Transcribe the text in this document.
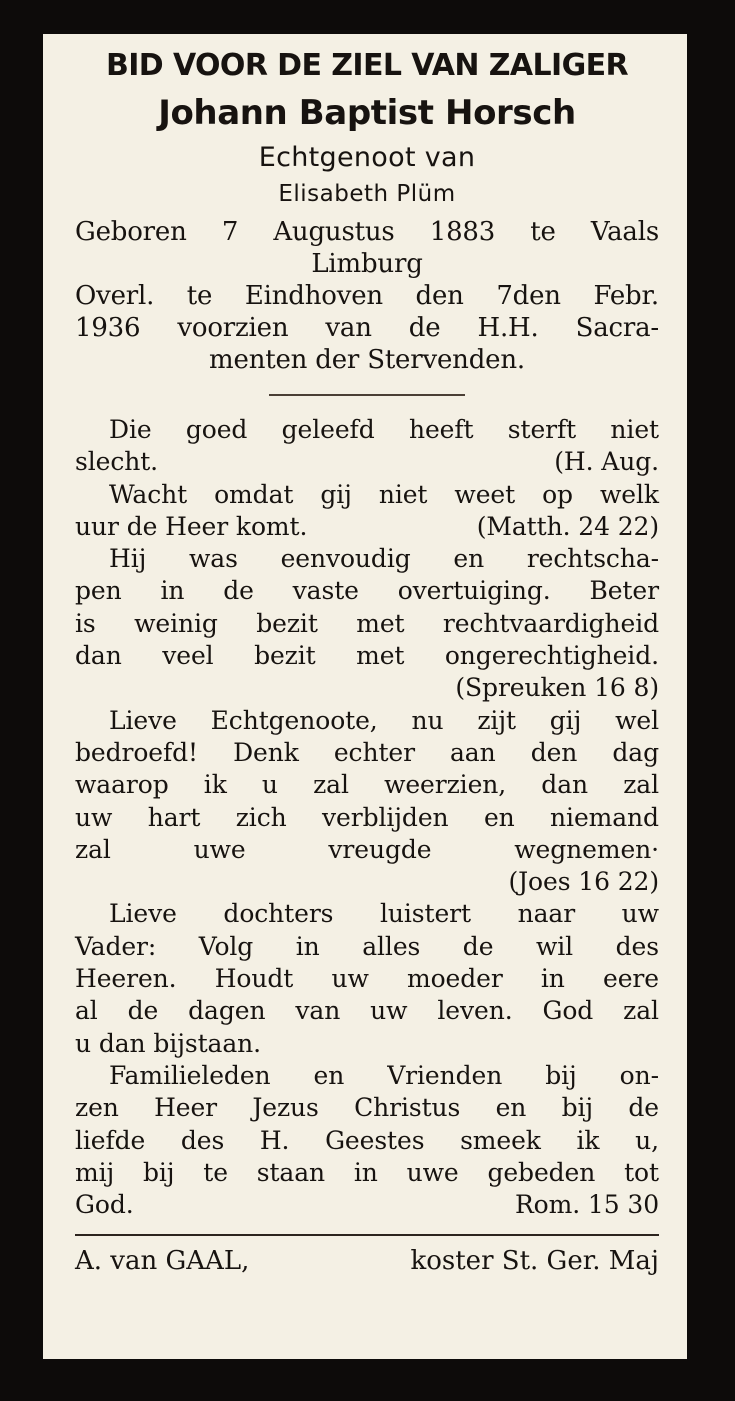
BID VOOR DE ZIEL VAN ZALIGER
Johann Baptist Horsch
Echtgenoot van
Elisabeth Plüm
Geboren 7 Augustus 1883 te Vaals
Limburg
Overl. te Eindhoven den 7den Febr.
1936 voorzien van de H.H. Sacra-
menten der Stervenden.
Die goed geleefd heeft sterft niet
slecht.	(H. Aug.
Wacht omdat gij niet weet op welk
uur de Heer komt.	(Matth. 24 22)
Hij was eenvoudig en rechtscha-
pen in de vaste overtuiging. Beter
is weinig bezit met rechtvaardigheid
dan veel bezit met ongerechtigheid.
(Spreuken 16 8)
Lieve Echtgenoote, nu zijt gij wel
bedroefd! Denk echter aan den dag
waarop ik u zal weerzien, dan zal
uw hart zich verblijden en niemand
zal	uwe	vreugde	wegnemen·
(Joes 16 22)
Lieve dochters luistert naar uw
Vader: Volg in alles de wil des
Heeren. Houdt uw moeder in eere
al de dagen van uw leven. God zal
u dan bijstaan.
Familieleden en Vrienden bij on-
zen Heer Jezus Christus en bij de
liefde des H. Geestes smeek ik u,
mij bij te staan in uwe gebeden tot
God.	Rom. 15 30
A. van GAAL,	koster St. Ger. Maj
